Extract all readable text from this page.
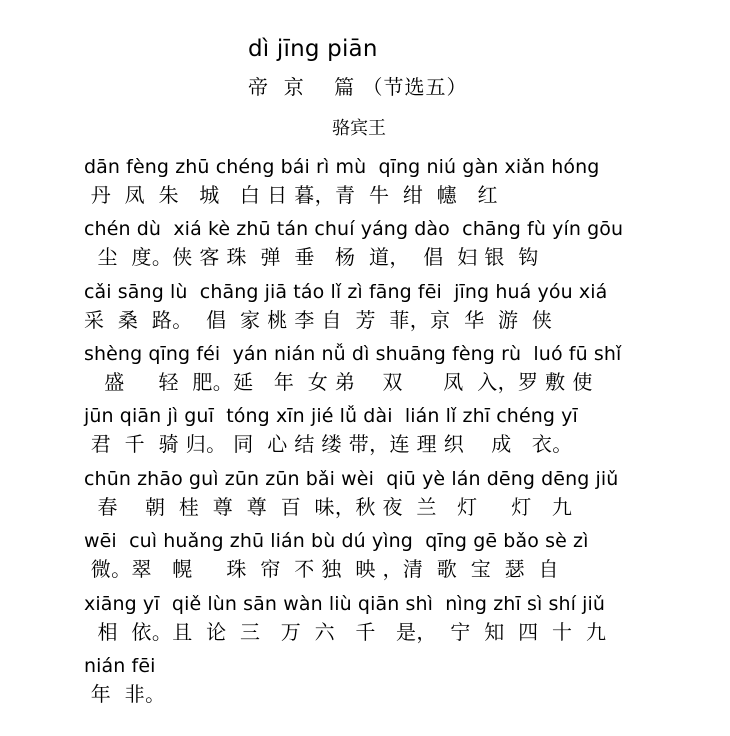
dì jīng piān
帝  京    篇 （节选五）
骆宾王
dān fèng zhū chéng bái rì mù  qīng niú gàn xiǎn hóng
丹  凤  朱   城   白 日 暮，青  牛  绀  幰   红
chén dù  xiá kè zhū tán chuí yáng dào  chāng fù yín gōu
尘  度。侠 客 珠  弹  垂   杨  道，  倡  妇 银  钩
cǎi sāng lù  chāng jiā táo lǐ zì fāng fēi  jīng huá yóu xiá
采  桑  路。  倡  家 桃 李 自  芳  菲，京  华  游  侠
shèng qīng féi  yán nián nǚ dì shuāng fèng rù  luó fū shǐ
盛     轻  肥。延   年  女 弟    双      凤  入，罗 敷 使
jūn qiān jì guī  tóng xīn jié lǚ dài  lián lǐ zhī chéng yī
君  千  骑 归。 同  心 结 缕 带，连 理 织    成   衣。
chūn zhāo guì zūn zūn bǎi wèi  qiū yè lán dēng dēng jiǔ
春    朝  桂  尊  尊  百  味，秋 夜  兰   灯     灯   九
wēi  cuì huǎng zhū lián bù dú yìng  qīng gē bǎo sè zì
微。翠   幌     珠  帘  不 独  映 ，清  歌  宝  瑟  自
xiāng yī  qiě lùn sān wàn liù qiān shì  nìng zhī sì shí jiǔ
相  依。且  论  三   万  六   千   是，  宁  知  四  十  九
nián fēi
年  非。
